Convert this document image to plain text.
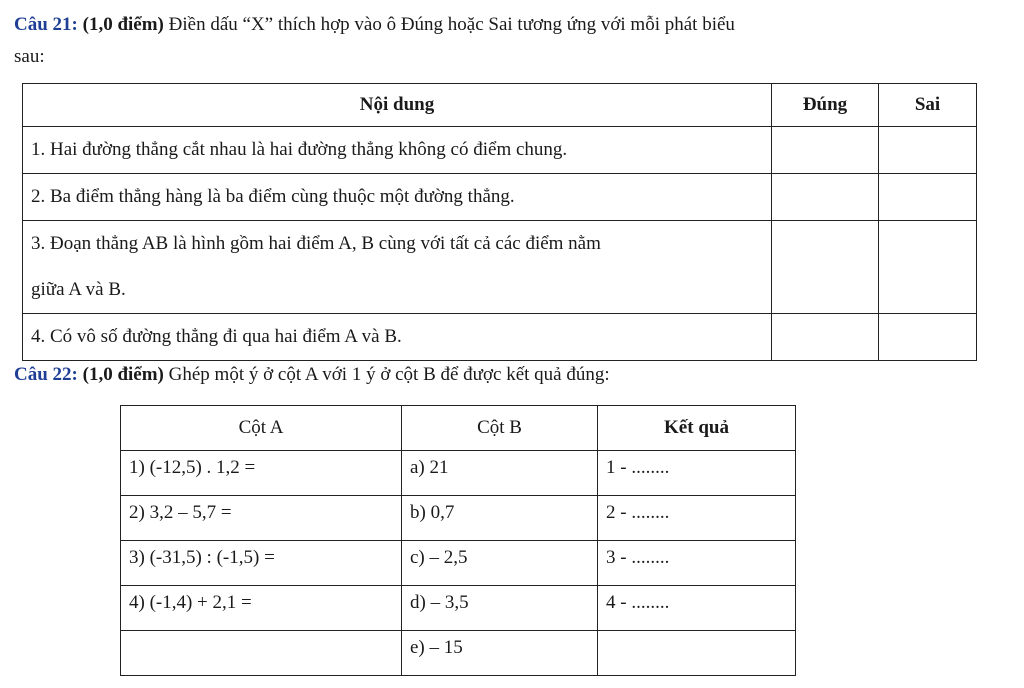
Câu 21: (1,0 điểm) Điền dấu “X” thích hợp vào ô Đúng hoặc Sai tương ứng với mỗi phát biểu
sau:
Nội dung	Đúng	Sai
1. Hai đường thẳng cắt nhau là hai đường thẳng không có điểm chung.		
2. Ba điểm thẳng hàng là ba điểm cùng thuộc một đường thẳng.		

3. Đoạn thẳng AB là hình gồm hai điểm A, B cùng với tất cả các điểm nằm
giữa A và B.		

4. Có vô số đường thẳng đi qua hai điểm A và B.		
Câu 22: (1,0 điểm) Ghép một ý ở cột A với 1 ý ở cột B để được kết quả đúng:
Cột A	Cột B	Kết quả
1) (-12,5) . 1,2 =	a) 21	1 - ........
2) 3,2 – 5,7 =	b) 0,7	2 - ........
3) (-31,5) : (-1,5) =	c) – 2,5	3 - ........
4) (-1,4) + 2,1 =	d) – 3,5	4 - ........
	e) – 15	
